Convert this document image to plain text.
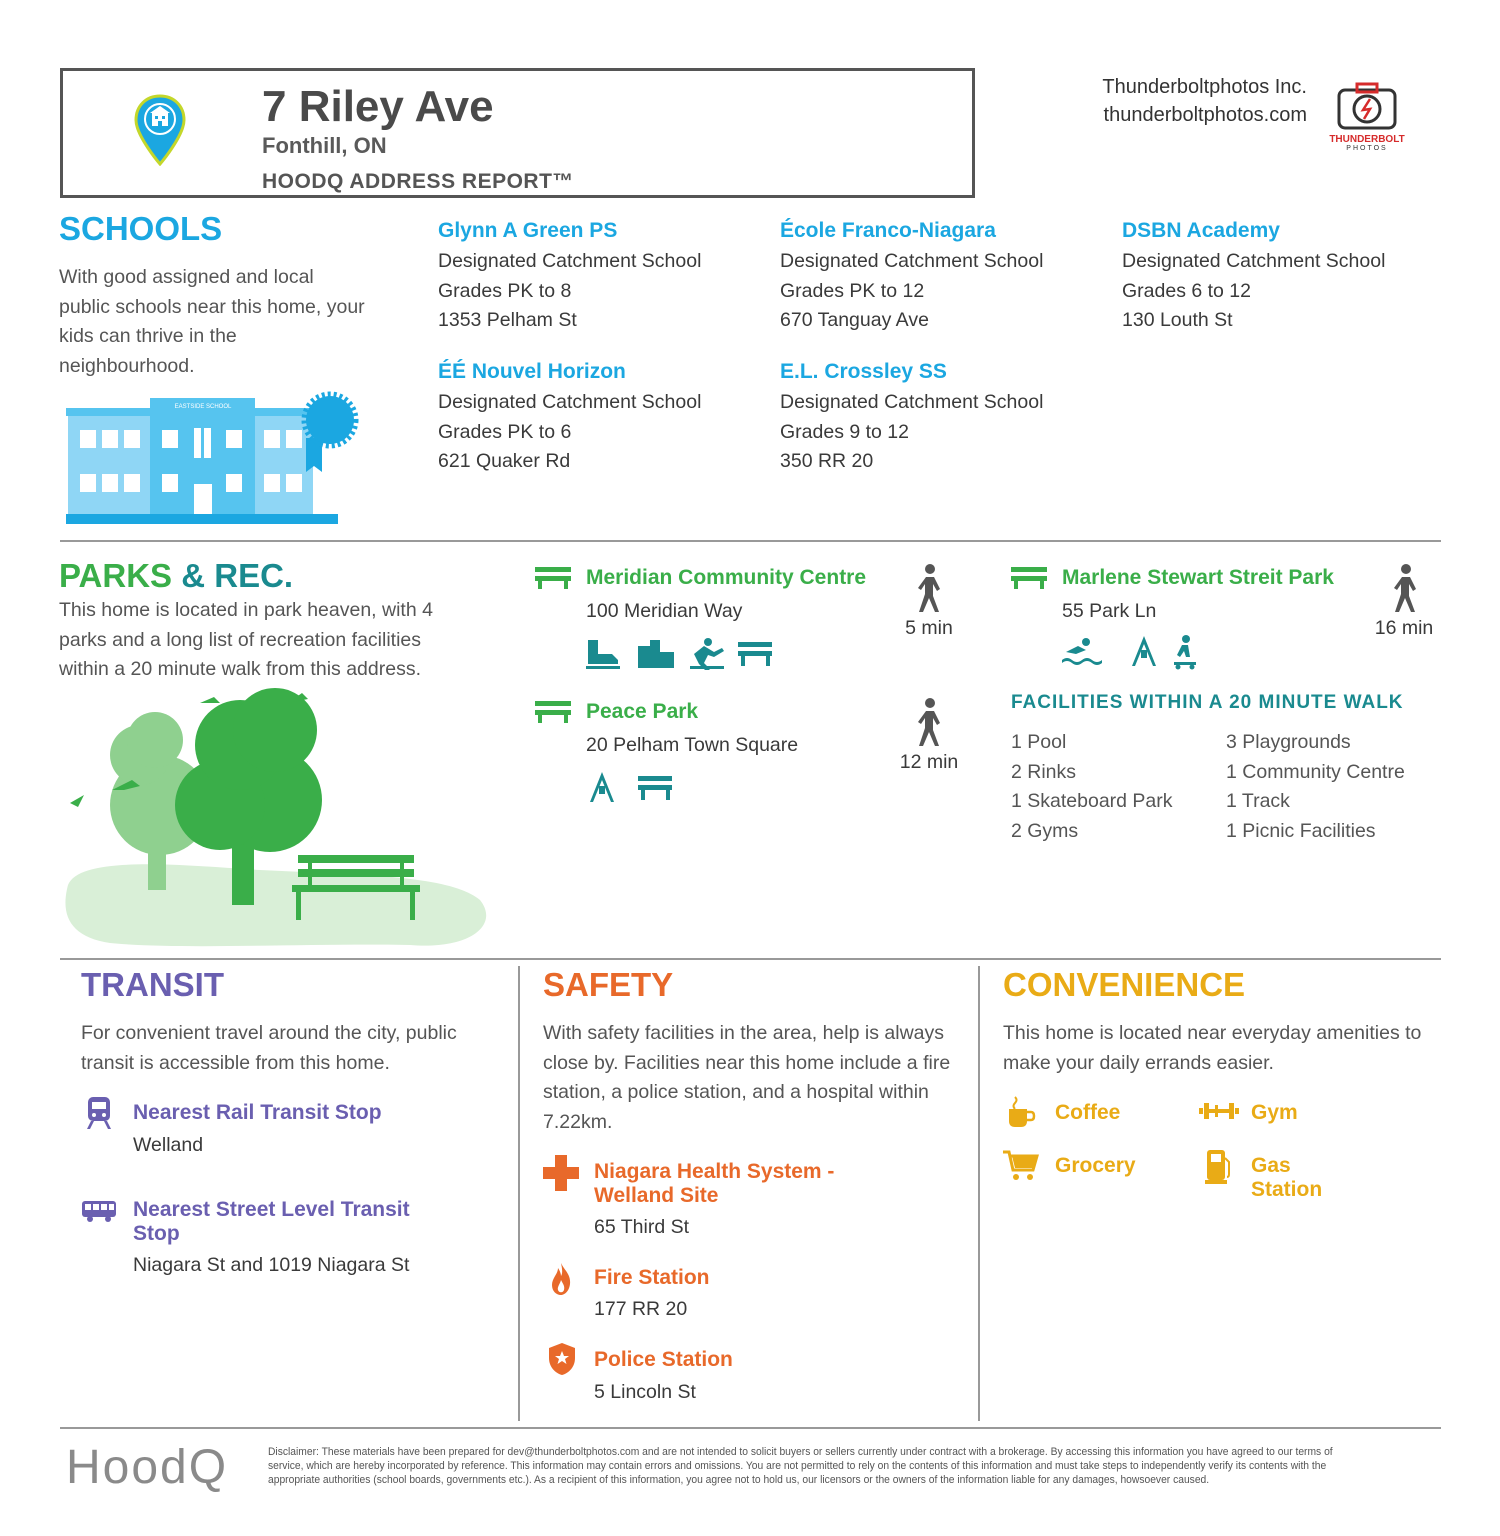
7 Riley Ave
Fonthill, ON
HOODQ ADDRESS REPORT™
Thunderboltphotos Inc.
thunderboltphotos.com
THUNDERBOLT
PHOTOS
SCHOOLS
With good assigned and local public schools near this home, your kids can thrive in the neighbourhood.
EASTSIDE SCHOOL
Glynn A Green PS
Designated Catchment School
Grades PK to 8
1353 Pelham St
École Franco-Niagara
Designated Catchment School
Grades PK to 12
670 Tanguay Ave
DSBN Academy
Designated Catchment School
Grades 6 to 12
130 Louth St
ÉÉ Nouvel Horizon
Designated Catchment School
Grades PK to 6
621 Quaker Rd
E.L. Crossley SS
Designated Catchment School
Grades 9 to 12
350 RR 20
PARKS & REC.
This home is located in park heaven, with 4 parks and a long list of recreation facilities within a 20 minute walk from this address.
Meridian Community Centre
100 Meridian Way
5 min
Marlene Stewart Streit Park
55 Park Ln
16 min
Peace Park
20 Pelham Town Square
12 min
FACILITIES WITHIN A 20 MINUTE WALK
1 Pool
2 Rinks
1 Skateboard Park
2 Gyms
3 Playgrounds
1 Community Centre
1 Track
1 Picnic Facilities
TRANSIT
For convenient travel around the city, public transit is accessible from this home.
Nearest Rail Transit Stop
Welland
Nearest Street Level Transit
Stop
Niagara St and 1019 Niagara St
SAFETY
With safety facilities in the area, help is always close by. Facilities near this home include a fire station, a police station, and a hospital within 7.22km.
Niagara Health System -
Welland Site
65 Third St
Fire Station
177 RR 20
Police Station
5 Lincoln St
CONVENIENCE
This home is located near everyday amenities to make your daily errands easier.
Coffee	Gym
Grocery	Gas
Station
HoodQ	Disclaimer: These materials have been prepared for dev@thunderboltphotos.com and are not intended to solicit buyers or sellers currently under contract with a brokerage. By accessing this information you have agreed to our terms of service, which are hereby incorporated by reference. This information may contain errors and omissions. You are not permitted to rely on the contents of this information and must take steps to independently verify its contents with the appropriate authorities (school boards, governments etc.). As a recipient of this information, you agree not to hold us, our licensors or the owners of the information liable for any damages, howsoever caused.
